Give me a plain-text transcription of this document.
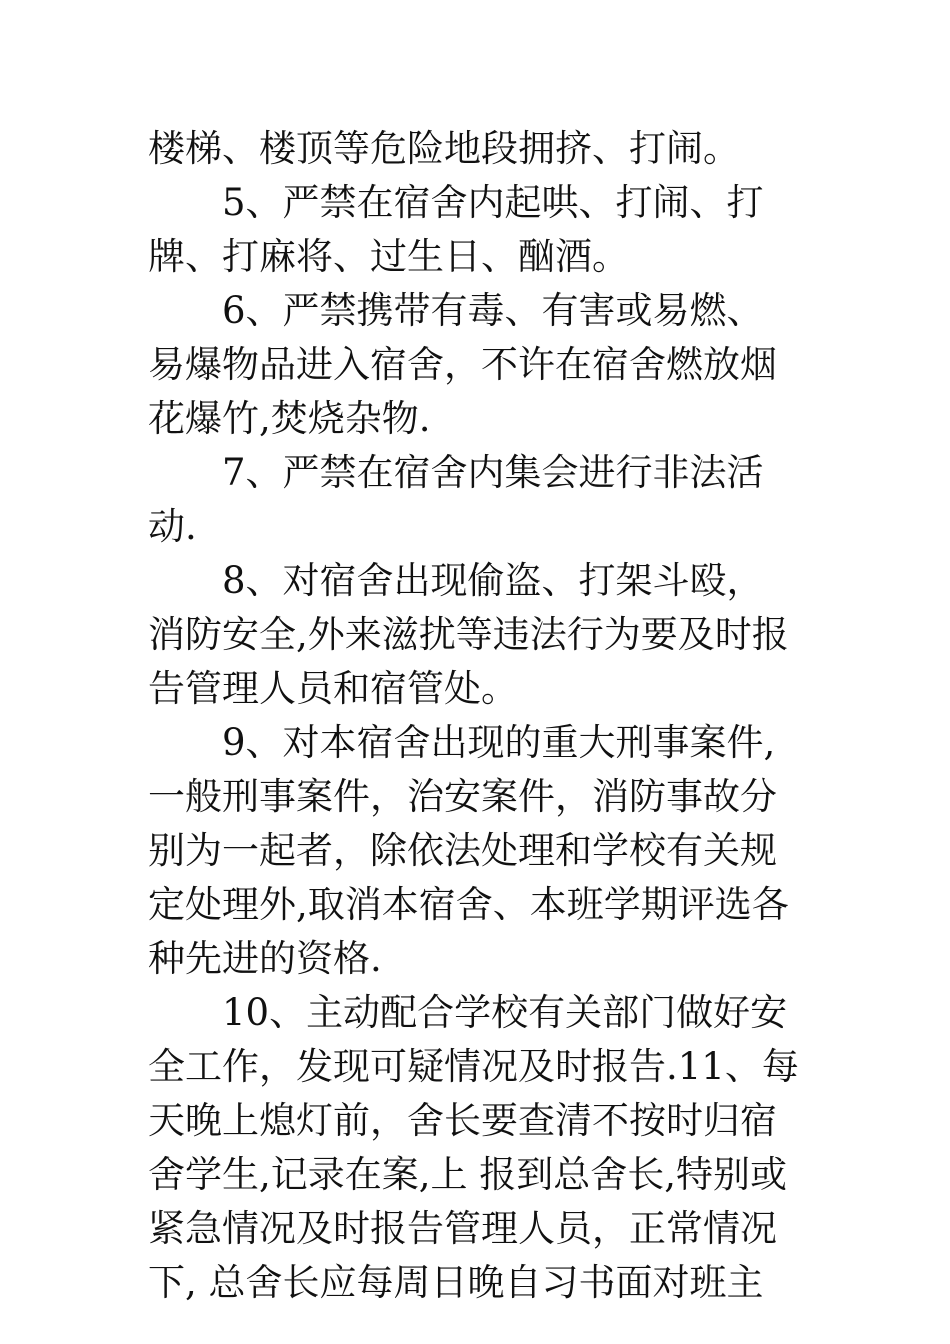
楼梯、楼顶等危险地段拥挤、打闹。
5、严禁在宿舍内起哄、打闹、打
牌、打麻将、过生日、酗酒。
6、严禁携带有毒、有害或易燃、
易爆物品进入宿舍，不许在宿舍燃放烟
花爆竹,焚烧杂物.
7、严禁在宿舍内集会进行非法活
动.
8、对宿舍出现偷盗、打架斗殴，
消防安全,外来滋扰等违法行为要及时报
告管理人员和宿管处。
9、对本宿舍出现的重大刑事案件,
一般刑事案件，治安案件，消防事故分
别为一起者，除依法处理和学校有关规
定处理外,取消本宿舍、本班学期评选各
种先进的资格.
10、主动配合学校有关部门做好安
全工作，发现可疑情况及时报告.11、每
天晚上熄灯前，舍长要查清不按时归宿
舍学生,记录在案,上 报到总舍长,特别或
紧急情况及时报告管理人员，正常情况
下, 总舍长应每周日晚自习书面对班主
